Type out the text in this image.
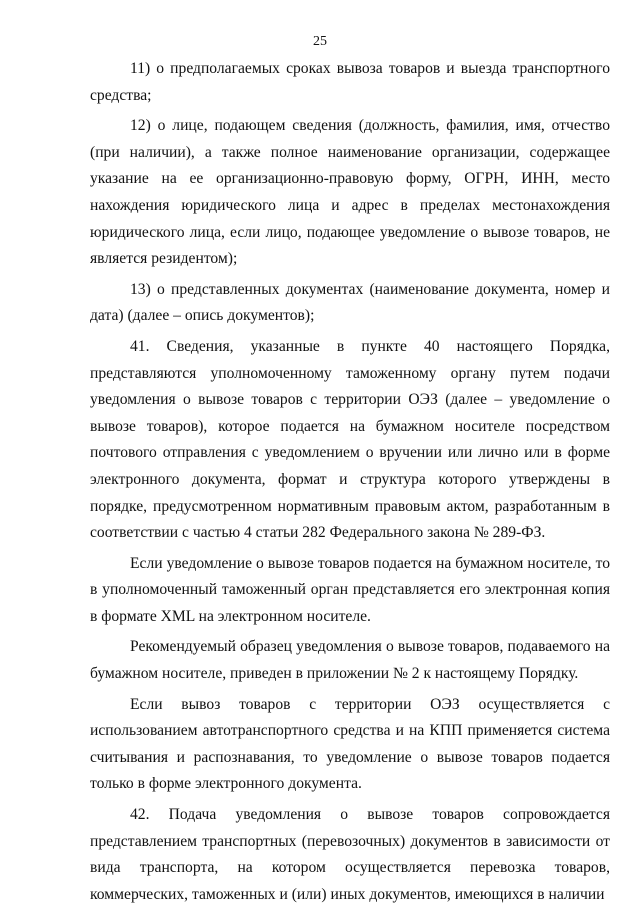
25

11) о предполагаемых сроках вывоза товаров и выезда транспортного средства;

12) о лице, подающем сведения (должность, фамилия, имя, отчество (при наличии), а также полное наименование организации, содержащее указание на ее организационно-правовую форму, ОГРН, ИНН, место нахождения юридического лица и адрес в пределах местонахождения юридического лица, если лицо, подающее уведомление о вывозе товаров, не является резидентом);

13) о представленных документах (наименование документа, номер и дата) (далее – опись документов);

41. Сведения, указанные в пункте 40 настоящего Порядка, представляются уполномоченному таможенному органу путем подачи уведомления о вывозе товаров с территории ОЭЗ (далее – уведомление о вывозе товаров), которое подается на бумажном носителе посредством почтового отправления с уведомлением о вручении или лично или в форме электронного документа, формат и структура которого утверждены в порядке, предусмотренном нормативным правовым актом, разработанным в соответствии с частью 4 статьи 282 Федерального закона № 289-ФЗ.

Если уведомление о вывозе товаров подается на бумажном носителе, то в уполномоченный таможенный орган представляется его электронная копия в формате XML на электронном носителе.

Рекомендуемый образец уведомления о вывозе товаров, подаваемого на бумажном носителе, приведен в приложении № 2 к настоящему Порядку.

Если вывоз товаров с территории ОЭЗ осуществляется с использованием автотранспортного средства и на КПП применяется система считывания и распознавания, то уведомление о вывозе товаров подается только в форме электронного документа.

42. Подача уведомления о вывозе товаров сопровождается представлением транспортных (перевозочных) документов в зависимости от вида транспорта, на котором осуществляется перевозка товаров, коммерческих, таможенных и (или) иных документов, имеющихся в наличии
